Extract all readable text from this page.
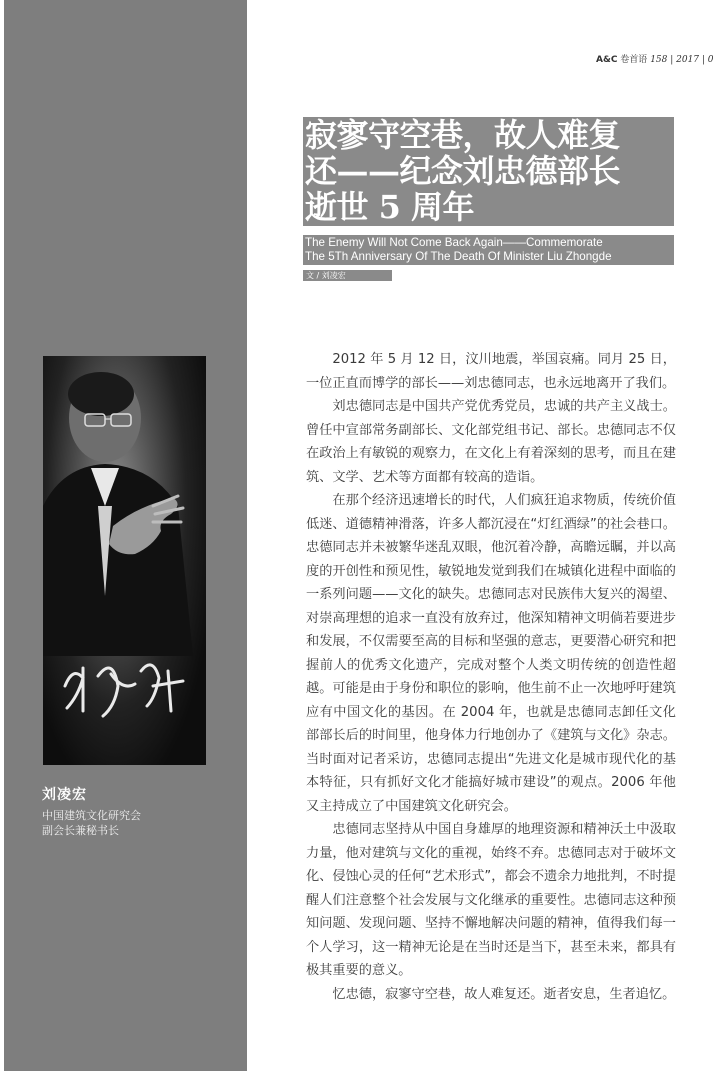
刘凌宏
中国建筑文化研究会
副会长兼秘书长
A&C 卷首语 158 | 2017 | 0
寂寥守空巷，故人难复
还——纪念刘忠德部长
逝世 5 周年
The Enemy Will Not Come Back Again——Commemorate
The 5Th Anniversary Of The Death Of Minister Liu Zhongde
文 / 刘凌宏

2012 年 5 月 12 日，汶川地震，举国哀痛。同月 25 日，一位正直而博学的部长——刘忠德同志，也永远地离开了我们。

刘忠德同志是中国共产党优秀党员，忠诚的共产主义战士。曾任中宣部常务副部长、文化部党组书记、部长。忠德同志不仅在政治上有敏锐的观察力，在文化上有着深刻的思考，而且在建筑、文学、艺术等方面都有较高的造诣。

在那个经济迅速增长的时代，人们疯狂追求物质，传统价值低迷、道德精神滑落，许多人都沉浸在“灯红酒绿”的社会巷口。忠德同志并未被繁华迷乱双眼，他沉着冷静，高瞻远瞩，并以高度的开创性和预见性，敏锐地发觉到我们在城镇化进程中面临的一系列问题——文化的缺失。忠德同志对民族伟大复兴的渴望、对崇高理想的追求一直没有放弃过，他深知精神文明倘若要进步和发展，不仅需要至高的目标和坚强的意志，更要潜心研究和把握前人的优秀文化遗产，完成对整个人类文明传统的创造性超越。可能是由于身份和职位的影响，他生前不止一次地呼吁建筑应有中国文化的基因。在 2004 年，也就是忠德同志卸任文化部部长后的时间里，他身体力行地创办了《建筑与文化》杂志。当时面对记者采访，忠德同志提出“先进文化是城市现代化的基本特征，只有抓好文化才能搞好城市建设”的观点。2006 年他又主持成立了中国建筑文化研究会。

忠德同志坚持从中国自身雄厚的地理资源和精神沃土中汲取力量，他对建筑与文化的重视，始终不弃。忠德同志对于破坏文化、侵蚀心灵的任何“艺术形式”，都会不遗余力地批判，不时提醒人们注意整个社会发展与文化继承的重要性。忠德同志这种预知问题、发现问题、坚持不懈地解决问题的精神，值得我们每一个人学习，这一精神无论是在当时还是当下，甚至未来，都具有极其重要的意义。

忆忠德，寂寥守空巷，故人难复还。逝者安息，生者追忆。
